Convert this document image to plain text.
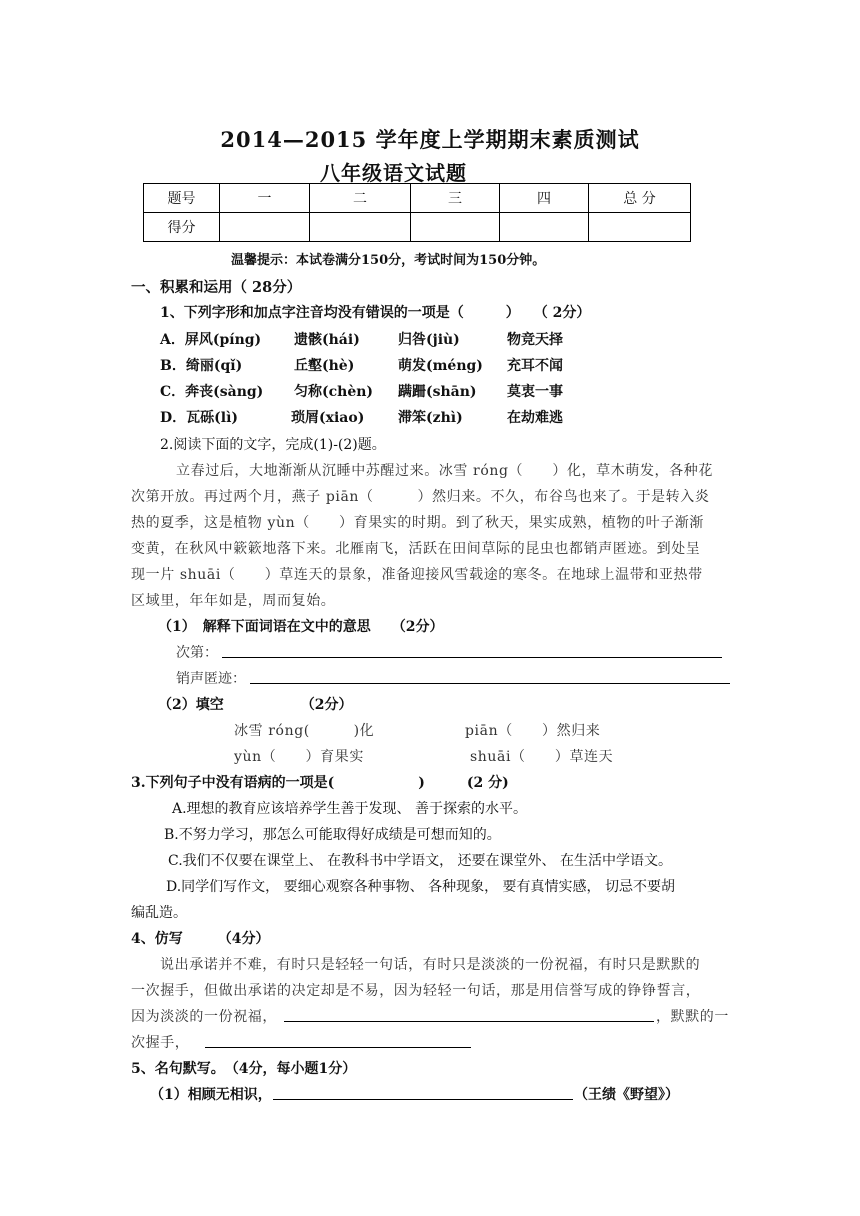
2014—2015 学年度上学期期末素质测试
八年级语文试题
题号	一	二	三	四	总 分
得分					
温馨提示：本试卷满分150分，考试时间为150分钟。
一、积累和运用（ 28分）
1、下列字形和加点字注音均没有错误的一项是（　　　）　　（ 2分）
A．屏风(píng) 遗骸(hái)	归咎(jiù)	物竞天择
B．绮丽(qǐ)	丘壑(hè)	萌发(méng) 充耳不闻
C．奔丧(sàng) 匀称(chèn) 蹒跚(shān) 莫衷一事
D．瓦砾(lì)	琐屑(xiao) 滞笨(zhì)	在劫难逃
2.阅读下面的文字，完成(1)-(2)题。
立春过后，大地渐渐从沉睡中苏醒过来。冰雪 róng（　　）化，草木萌发，各种花
次第开放。再过两个月，燕子 piān（　　　）然归来。不久，布谷鸟也来了。于是转入炎
热的夏季，这是植物 yùn（　　）育果实的时期。到了秋天，果实成熟，植物的叶子渐渐
变黄，在秋风中簌簌地落下来。北雁南飞，活跃在田间草际的昆虫也都销声匿迹。到处呈
现一片 shuāi（　　）草连天的景象，准备迎接风雪载途的寒冬。在地球上温带和亚热带
区域里，年年如是，周而复始。
（1）　解释下面词语在文中的意思　　（2分）
次第：
销声匿迹：
（2）填空　　　　　　（2分）
冰雪 róng(　　　)化	piān（　　）然归来
yùn（　　）育果实	shuāi（　　）草连天
3.下列句子中没有语病的一项是(　　　　　　)　　　(2 分)
A.理想的教育应该培养学生善于发现、 善于探索的水平。
B.不努力学习，那怎么可能取得好成绩是可想而知的。
C.我们不仅要在课堂上、 在教科书中学语文， 还要在课堂外、 在生活中学语文。
D.同学们写作文， 要细心观察各种事物、 各种现象， 要有真情实感， 切忌不要胡
编乱造。
4、仿写　　　（4分）
说出承诺并不难，有时只是轻轻一句话，有时只是淡淡的一份祝福，有时只是默默的
一次握手，但做出承诺的决定却是不易，因为轻轻一句话，那是用信誉写成的铮铮誓言，
因为淡淡的一份祝福，	，默默的一
次握手，
5、名句默写。　（4分，每小题1分）
（1）相顾无相识，	（王绩《野望》）
